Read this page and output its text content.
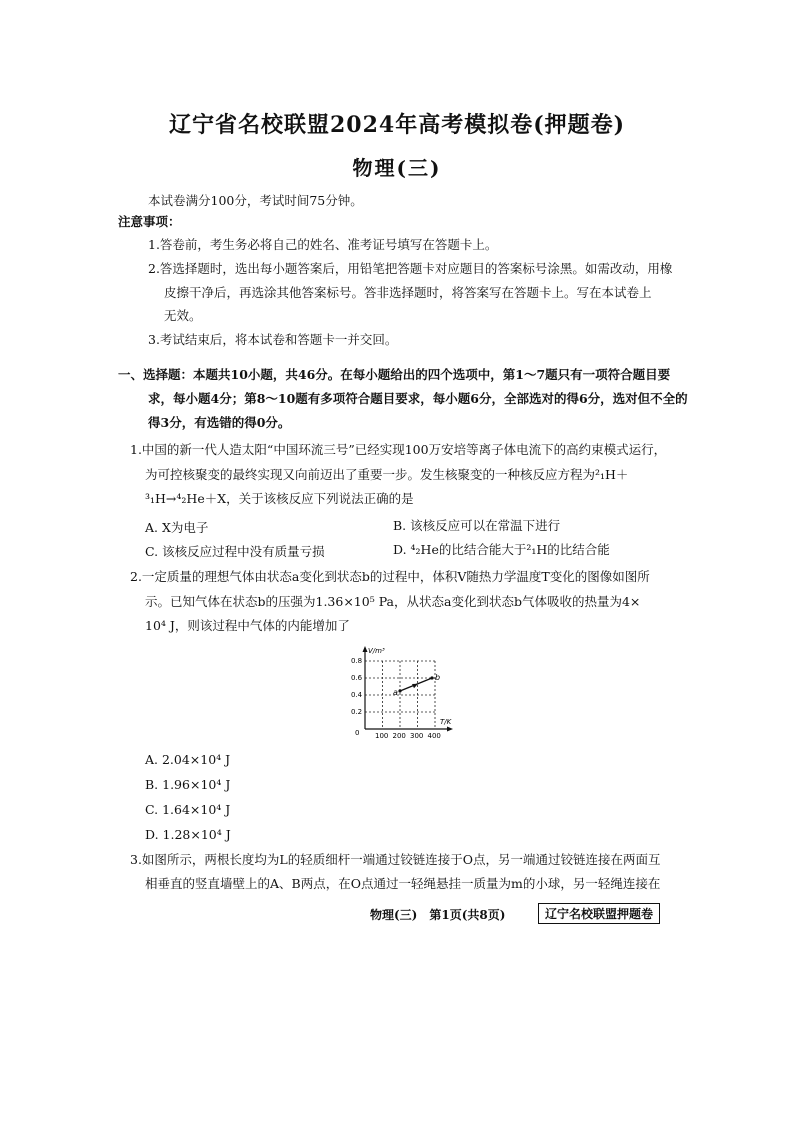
辽宁省名校联盟2024年高考模拟卷(押题卷)
物理(三)
本试卷满分100分，考试时间75分钟。
注意事项：
1.答卷前，考生务必将自己的姓名、准考证号填写在答题卡上。
2.答选择题时，选出每小题答案后，用铅笔把答题卡对应题目的答案标号涂黑。如需改动，用橡
皮擦干净后，再选涂其他答案标号。答非选择题时，将答案写在答题卡上。写在本试卷上
无效。
3.考试结束后，将本试卷和答题卡一并交回。
一、选择题：本题共10小题，共46分。在每小题给出的四个选项中，第1～7题只有一项符合题目要
求，每小题4分；第8～10题有多项符合题目要求，每小题6分，全部选对的得6分，选对但不全的
得3分，有选错的得0分。
1.中国的新一代人造太阳“中国环流三号”已经实现100万安培等离子体电流下的高约束模式运行，
为可控核聚变的最终实现又向前迈出了重要一步。发生核聚变的一种核反应方程为²₁H＋
³₁H→⁴₂He＋X，关于该核反应下列说法正确的是
A. X为电子	B. 该核反应可以在常温下进行
C. 该核反应过程中没有质量亏损	D. ⁴₂He的比结合能大于²₁H的比结合能
2.一定质量的理想气体由状态a变化到状态b的过程中，体积V随热力学温度T变化的图像如图所
示。已知气体在状态b的压强为1.36×10⁵ Pa，从状态a变化到状态b气体吸收的热量为4×
10⁴ J，则该过程中气体的内能增加了
a
b
V/m³
T/K
0
0.2
0.4
0.6
0.8
100 200 300 400
A. 2.04×10⁴ J
B. 1.96×10⁴ J
C. 1.64×10⁴ J
D. 1.28×10⁴ J
3.如图所示，两根长度均为L的轻质细杆一端通过铰链连接于O点，另一端通过铰链连接在两面互
相垂直的竖直墙壁上的A、B两点，在O点通过一轻绳悬挂一质量为m的小球，另一轻绳连接在
物理(三)　第1页(共8页)	辽宁名校联盟押题卷
